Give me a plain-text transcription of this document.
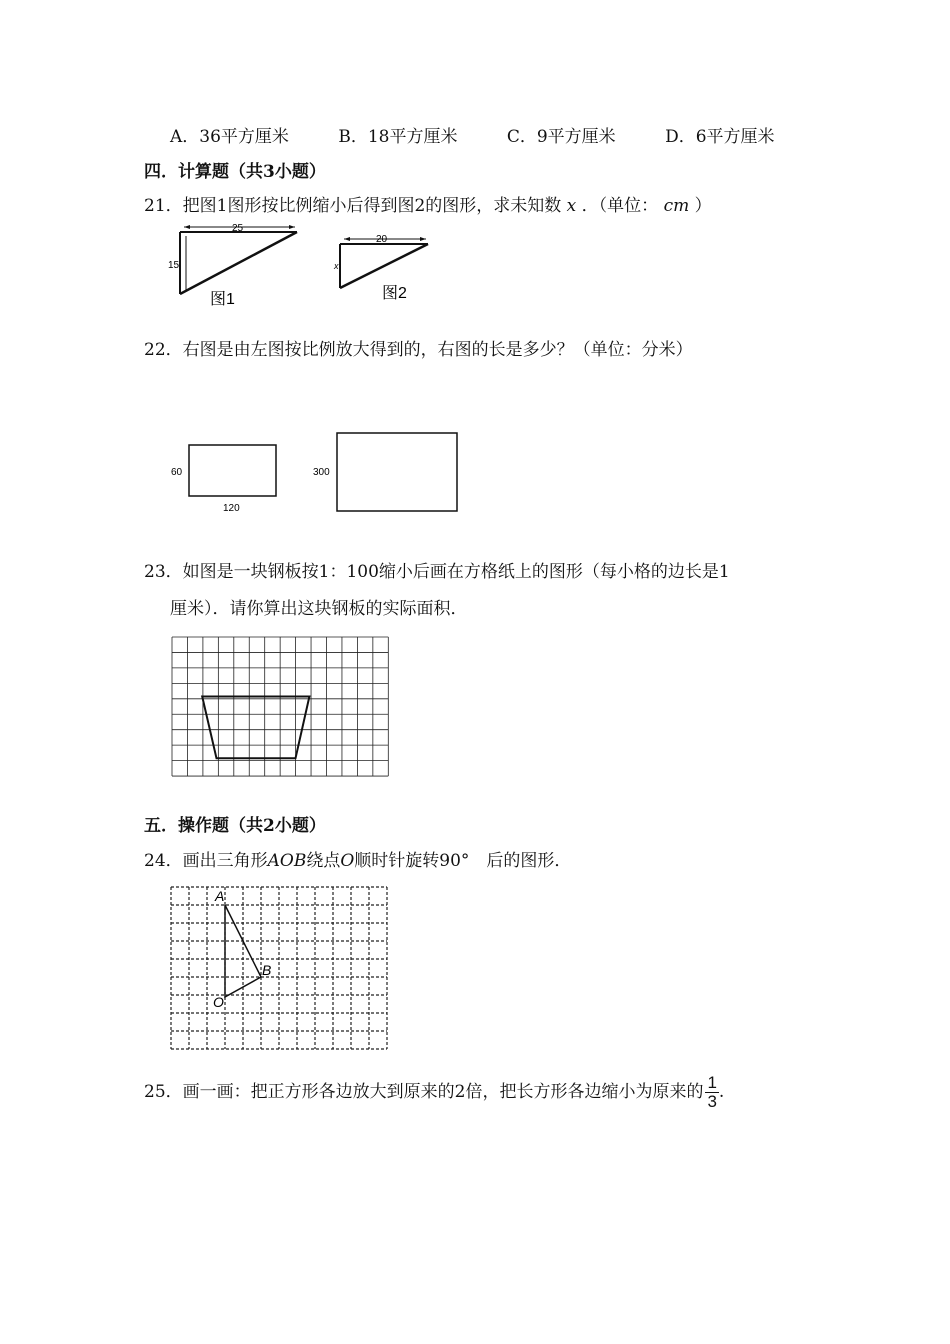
A．36平方厘米	B．18平方厘米	C．9平方厘米	D．6平方厘米
四．计算题（共3小题）
21．把图1图形按比例缩小后得到图2的图形，求未知数 x ．（单位： cm ）
25
15
图1
20
x
图2
22．右图是由左图按比例放大得到的，右图的长是多少？（单位：分米）
60
120
300
23．如图是一块钢板按1：100缩小后画在方格纸上的图形（每小格的边长是1
厘米）．请你算出这块钢板的实际面积．
五．操作题（共2小题）
24．画出三角形AOB绕点O顺时针旋转90°　后的图形．
A
B
O
25．画一画：把正方形各边放大到原来的2倍，把长方形各边缩小为原来的 $\frac{1}{3}$ .
